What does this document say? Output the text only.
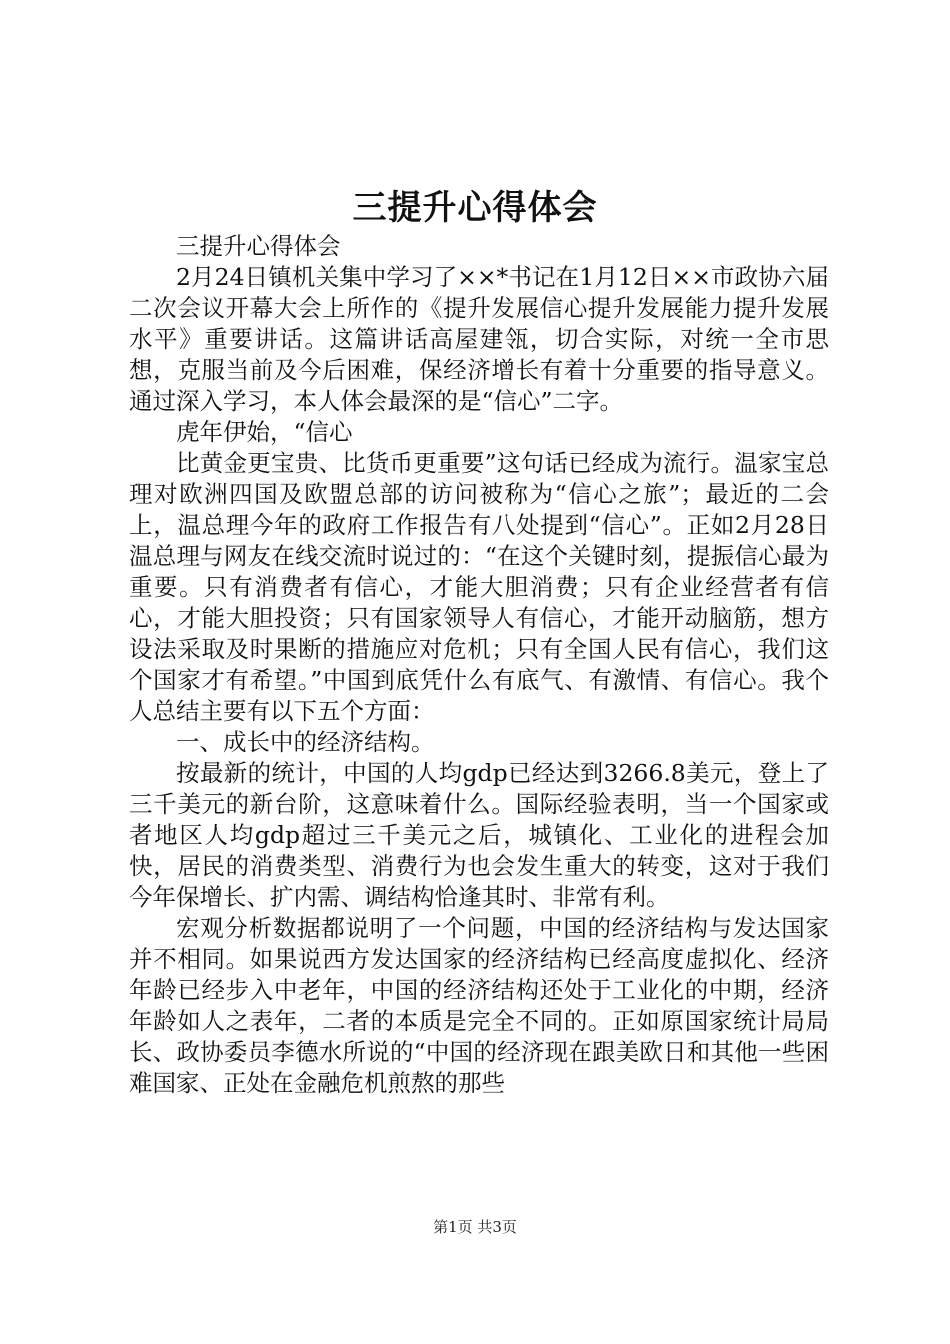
三提升心得体会

三提升心得体会

2月24日镇机关集中学习了××*书记在1月12日××市政协六届二次会议开幕大会上所作的《提升发展信心提升发展能力提升发展水平》重要讲话。这篇讲话高屋建瓴，切合实际，对统一全市思想，克服当前及今后困难，保经济增长有着十分重要的指导意义。通过深入学习，本人体会最深的是“信心”二字。

虎年伊始，“信心

比黄金更宝贵、比货币更重要”这句话已经成为流行。温家宝总理对欧洲四国及欧盟总部的访问被称为“信心之旅”；最近的二会上，温总理今年的政府工作报告有八处提到“信心”。正如2月28日温总理与网友在线交流时说过的：“在这个关键时刻，提振信心最为重要。只有消费者有信心，才能大胆消费；只有企业经营者有信心，才能大胆投资；只有国家领导人有信心，才能开动脑筋，想方设法采取及时果断的措施应对危机；只有全国人民有信心，我们这个国家才有希望。”中国到底凭什么有底气、有激情、有信心。我个人总结主要有以下五个方面：

一、成长中的经济结构。

按最新的统计，中国的人均gdp已经达到3266.8美元，登上了三千美元的新台阶，这意味着什么。国际经验表明，当一个国家或者地区人均gdp超过三千美元之后，城镇化、工业化的进程会加快，居民的消费类型、消费行为也会发生重大的转变，这对于我们今年保增长、扩内需、调结构恰逢其时、非常有利。

宏观分析数据都说明了一个问题，中国的经济结构与发达国家并不相同。如果说西方发达国家的经济结构已经高度虚拟化、经济年龄已经步入中老年，中国的经济结构还处于工业化的中期，经济年龄如人之表年，二者的本质是完全不同的。正如原国家统计局局长、政协委员李德水所说的“中国的经济现在跟美欧日和其他一些困难国家、正处在金融危机煎熬的那些

第1页 共3页
